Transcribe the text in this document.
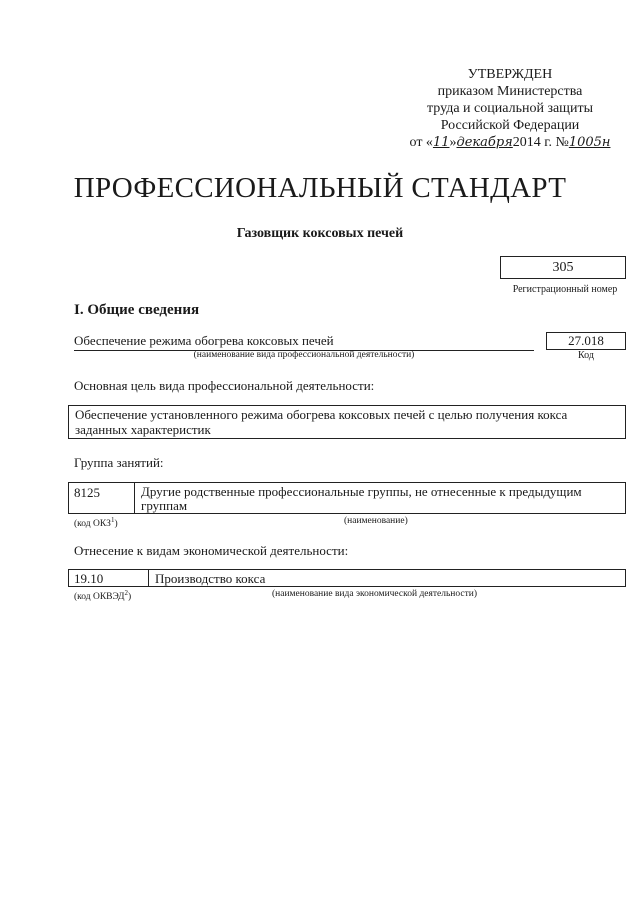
УТВЕРЖДЕН
приказом Министерства
труда и социальной защиты
Российской Федерации
от «11»декабря2014 г. №1005н
ПРОФЕССИОНАЛЬНЫЙ СТАНДАРТ
Газовщик коксовых печей
305
Регистрационный номер
I. Общие сведения
Обеспечение режима обогрева коксовых печей
(наименование вида профессиональной деятельности)
27.018
Код
Основная цель вида профессиональной деятельности:
Обеспечение установленного режима обогрева коксовых печей с целью получения кокса заданных характеристик
Группа занятий:
8125	Другие родственные профессиональные группы, не отнесенные к предыдущим группам
(код ОКЗ$^1$)	(наименование)
Отнесение к видам экономической деятельности:
19.10	Производство кокса
(код ОКВЭД$^2$)	(наименование вида экономической деятельности)
